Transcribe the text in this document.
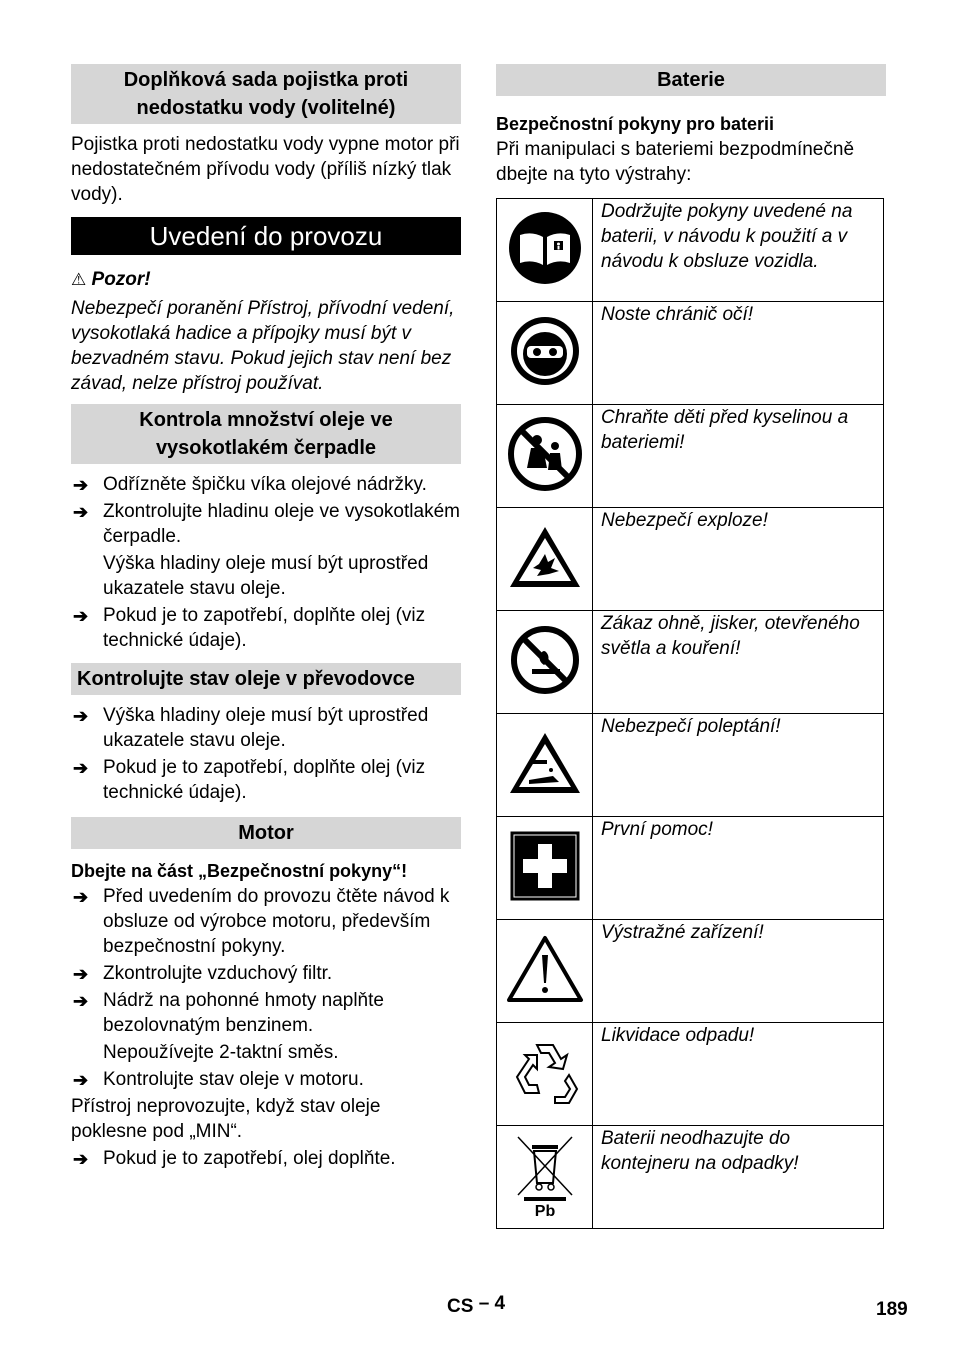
Doplňková sada pojistka proti nedostatku vody (volitelné)

Pojistka proti nedostatku vody vypne motor při nedostatečném přívodu vody (příliš nízký tlak vody).

Uvedení do provozu

⚠ Pozor!

Nebezpečí poranění Přístroj, přívodní vedení, vysokotlaká hadice a přípojky musí být v bezvadném stavu. Pokud jejich stav není bez závad, nelze přístroj používat.

Kontrola množství oleje ve vysokotlakém čerpadle
➔ Odřízněte špičku víka olejové nádržky.
➔ Zkontrolujte hladinu oleje ve vysokotlakém čerpadle.
Výška hladiny oleje musí být uprostřed ukazatele stavu oleje.
➔ Pokud je to zapotřebí, doplňte olej (viz technické údaje).
Kontrolujte stav oleje v převodovce
➔ Výška hladiny oleje musí být uprostřed ukazatele stavu oleje.
➔ Pokud je to zapotřebí, doplňte olej (viz technické údaje).
Motor

Dbejte na část „Bezpečnostní pokyny“!

➔ Před uvedením do provozu čtěte návod k obsluze od výrobce motoru, především bezpečnostní pokyny.
➔ Zkontrolujte vzduchový filtr.
➔ Nádrž na pohonné hmoty naplňte bezolovnatým benzinem.
Nepoužívejte 2-taktní směs.
➔ Kontrolujte stav oleje v motoru.

Přístroj neprovozujte, když stav oleje poklesne pod „MIN“.

➔ Pokud je to zapotřebí, olej doplňte.
Baterie

Bezpečnostní pokyny pro baterii

Při manipulaci s bateriemi bezpodmínečně dbejte na tyto výstrahy:

	Dodržujte pokyny uvedené na baterii, v návodu k použití a v návodu k obsluze vozidla.
	Noste chránič očí!
	Chraňte děti před kyselinou a bateriemi!
	Nebezpečí exploze!
	Zákaz ohně, jisker, otevřeného světla a kouření!
	Nebezpečí poleptání!
	První pomoc!
	Výstražné zařízení!
	Likvidace odpadu!

Pb	Baterii neodhazujte do kontejneru na odpadky!
CS – 4	189
